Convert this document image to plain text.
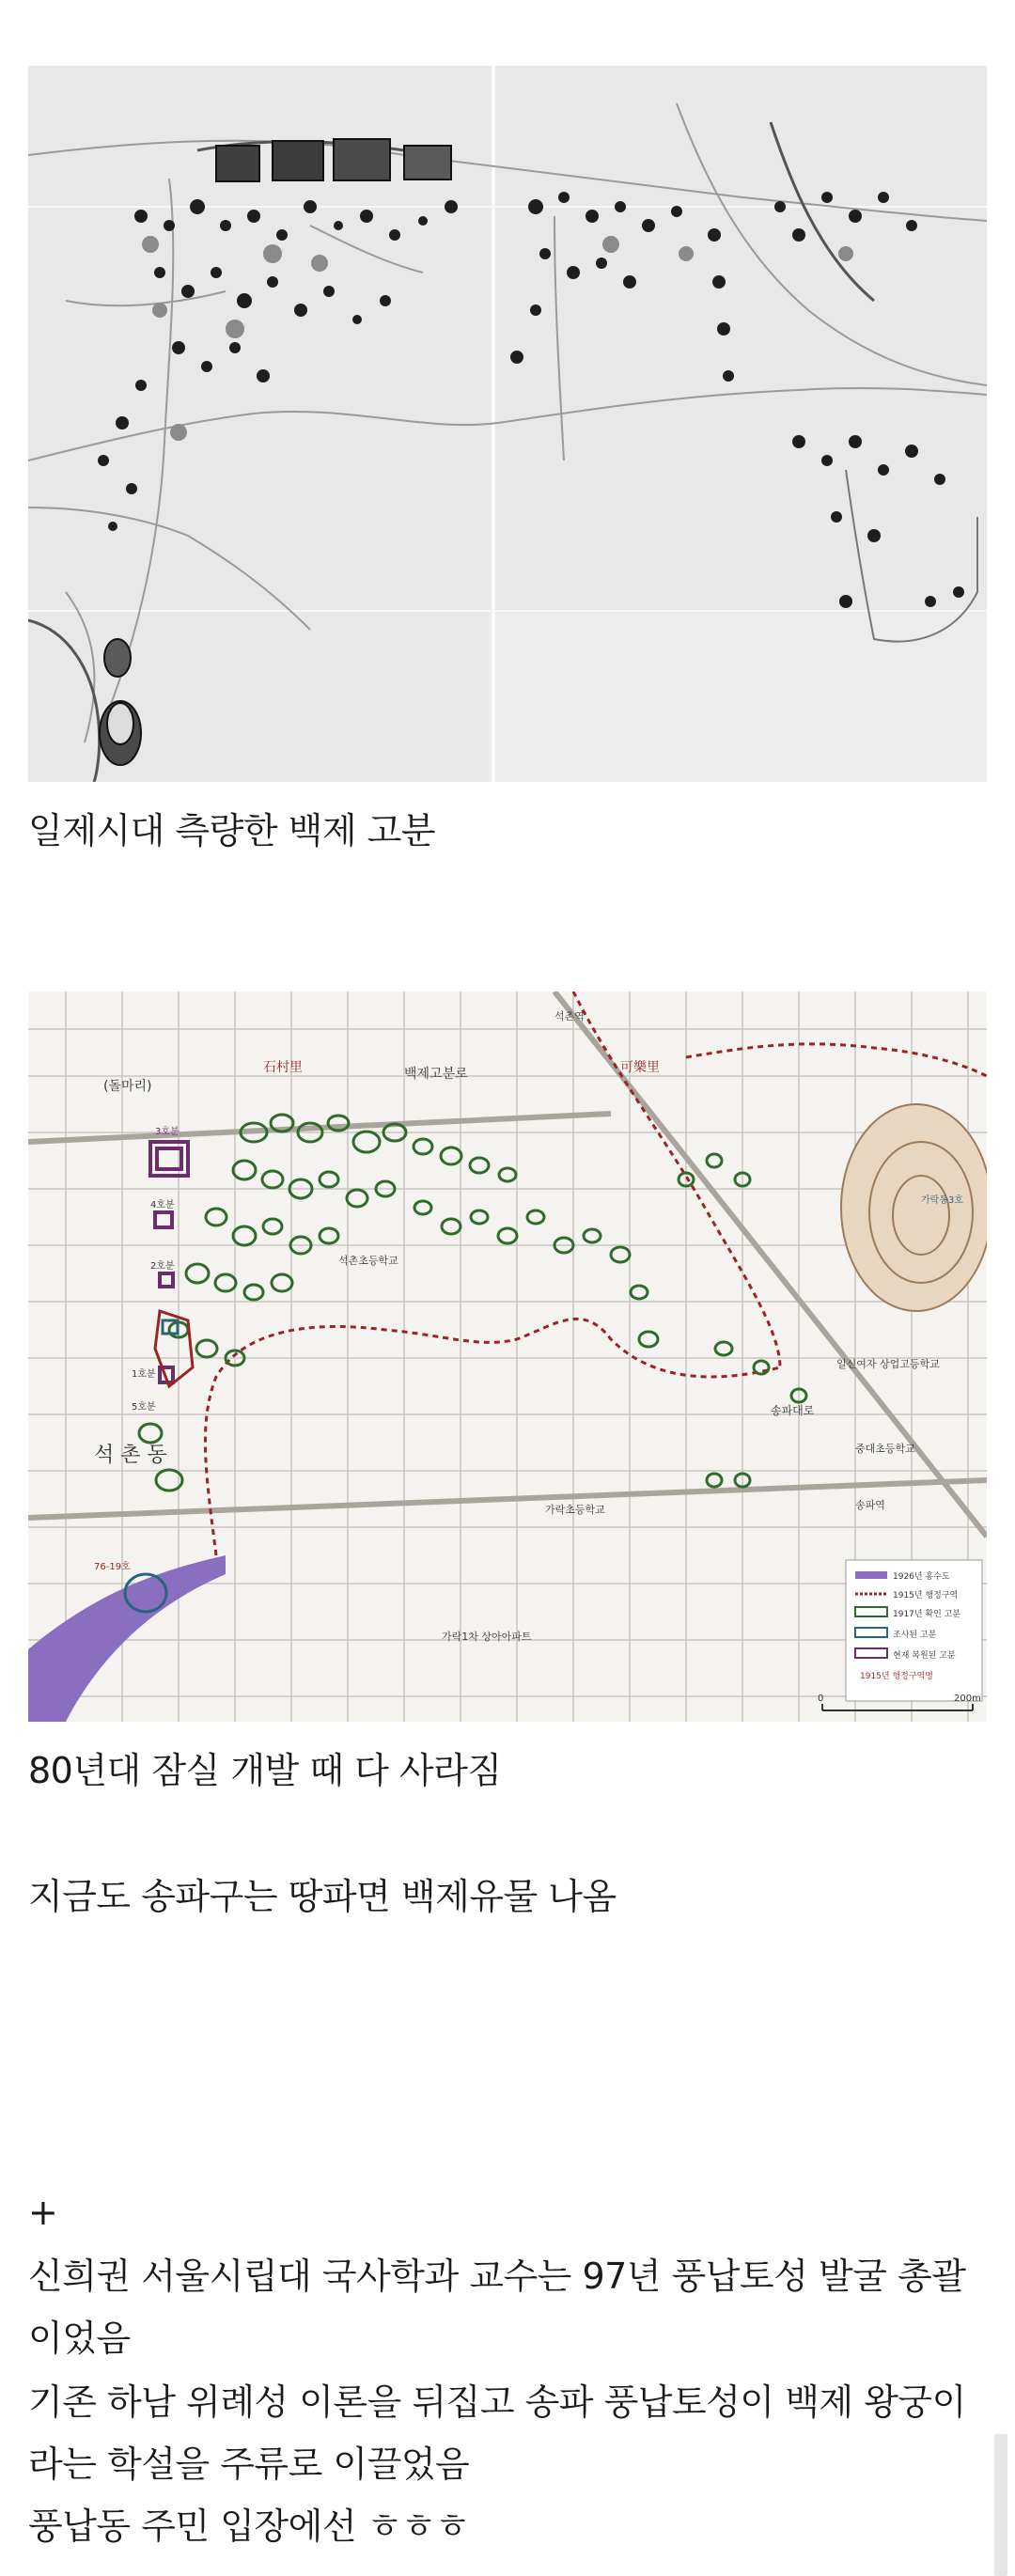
일제시대 측량한 백제 고분
(돌마리)
석 촌 동
石村里	可樂里
백제고분로
석촌역
석촌초등학교
가락초등학교
가락1차 상아아파트
일신여자 상업고등학교
중대초등학교
송파역
송파대로
가락동3호
3호분
4호분
2호분
1호분
5호분
76-19호
1926년 홍수도
1915년 행정구역
1917년 확인 고분
조사된 고분
현재 복원된 고분
1915년 행정구역명
0	200m
80년대 잠실 개발 때 다 사라짐
지금도 송파구는 땅파면 백제유물 나옴
+
신희권 서울시립대 국사학과 교수는 97년 풍납토성 발굴 총괄
이었음
기존 하남 위례성 이론을 뒤집고 송파 풍납토성이 백제 왕궁이
라는 학설을 주류로 이끌었음
풍납동 주민 입장에선 ㅎㅎㅎ
